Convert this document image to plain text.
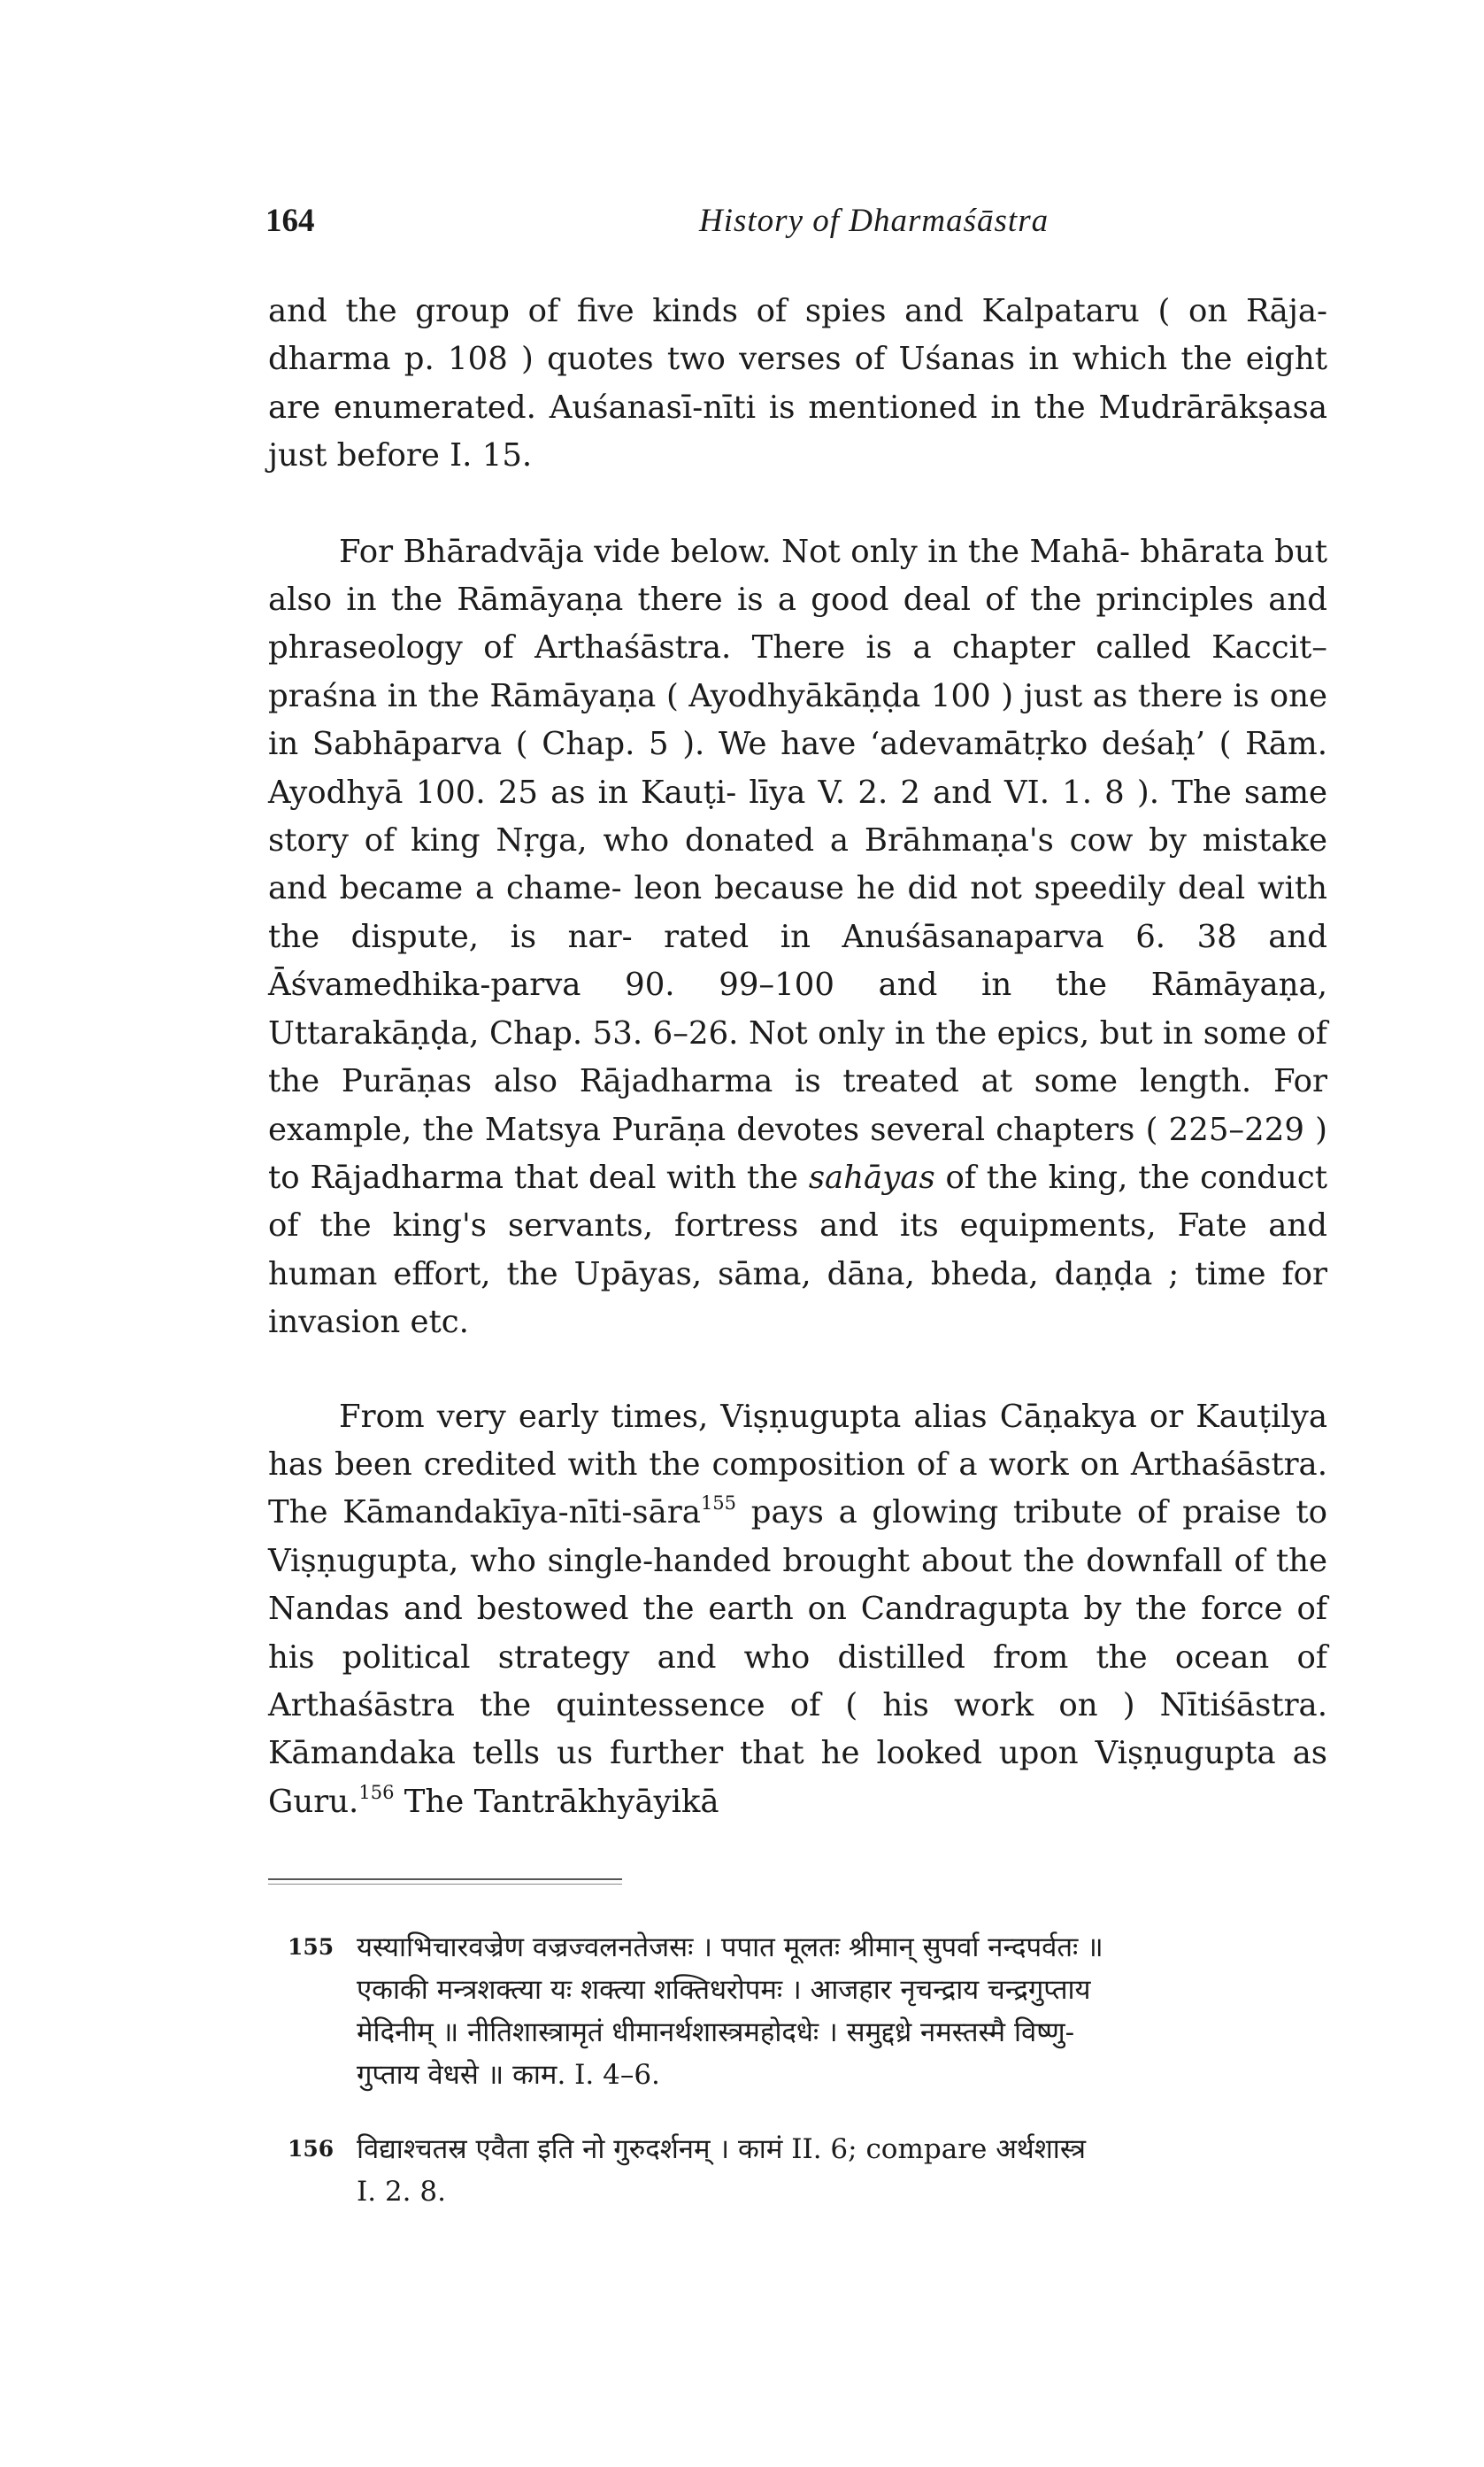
164	History of Dharmaśāstra

and the group of five kinds of spies and Kalpataru ( on Rāja- dharma p. 108 ) quotes two verses of Uśanas in which the eight are enumerated. Auśanasī-nīti is mentioned in the Mudrārākṣasa just before I. 15.

For Bhāradvāja vide below. Not only in the Mahā- bhārata but also in the Rāmāyaṇa there is a good deal of the principles and phraseology of Arthaśāstra. There is a chapter called Kaccit–praśna in the Rāmāyaṇa ( Ayodhyākāṇḍa 100 ) just as there is one in Sabhāparva ( Chap. 5 ). We have ‘adevamātṛko deśaḥ’ ( Rām. Ayodhyā 100. 25 as in Kauṭi- līya V. 2. 2 and VI. 1. 8 ). The same story of king Nṛga, who donated a Brāhmaṇa's cow by mistake and became a chame- leon because he did not speedily deal with the dispute, is nar- rated in Anuśāsanaparva 6. 38 and Āśvamedhika-parva 90. 99–100 and in the Rāmāyaṇa, Uttarakāṇḍa, Chap. 53. 6–26. Not only in the epics, but in some of the Purāṇas also Rājadharma is treated at some length. For example, the Matsya Purāṇa devotes several chapters ( 225–229 ) to Rājadharma that deal with the sahāyas of the king, the conduct of the king's servants, fortress and its equipments, Fate and human effort, the Upāyas, sāma, dāna, bheda, daṇḍa ; time for invasion etc.

From very early times, Viṣṇugupta alias Cāṇakya or Kauṭilya has been credited with the composition of a work on Arthaśāstra. The Kāmandakīya-nīti-sāra$^{155}$ pays a glowing tribute of praise to Viṣṇugupta, who single-handed brought about the downfall of the Nandas and bestowed the earth on Candragupta by the force of his political strategy and who distilled from the ocean of Arthaśāstra the quintessence of ( his work on ) Nītiśāstra. Kāmandaka tells us further that he looked upon Viṣṇugupta as Guru.$^{156}$ The Tantrākhyāyikā

155 यस्याभिचारवज्रेण वज्रज्वलनतेजसः । पपात मूलतः श्रीमान् सुपर्वा नन्दपर्वतः ॥
एकाकी मन्त्रशक्त्या यः शक्त्या शक्तिधरोपमः । आजहार नृचन्द्राय चन्द्रगुप्ताय
मेदिनीम् ॥ नीतिशास्त्रामृतं धीमानर्थशास्त्रमहोदधेः । समुद्दध्रे नमस्तस्मै विष्णु-
गुप्ताय वेधसे ॥ काम. I. 4–6.
156 विद्याश्चतस्र एवैता इति नो गुरुदर्शनम् । कामं II. 6; compare अर्थशास्त्र
I. 2. 8.
